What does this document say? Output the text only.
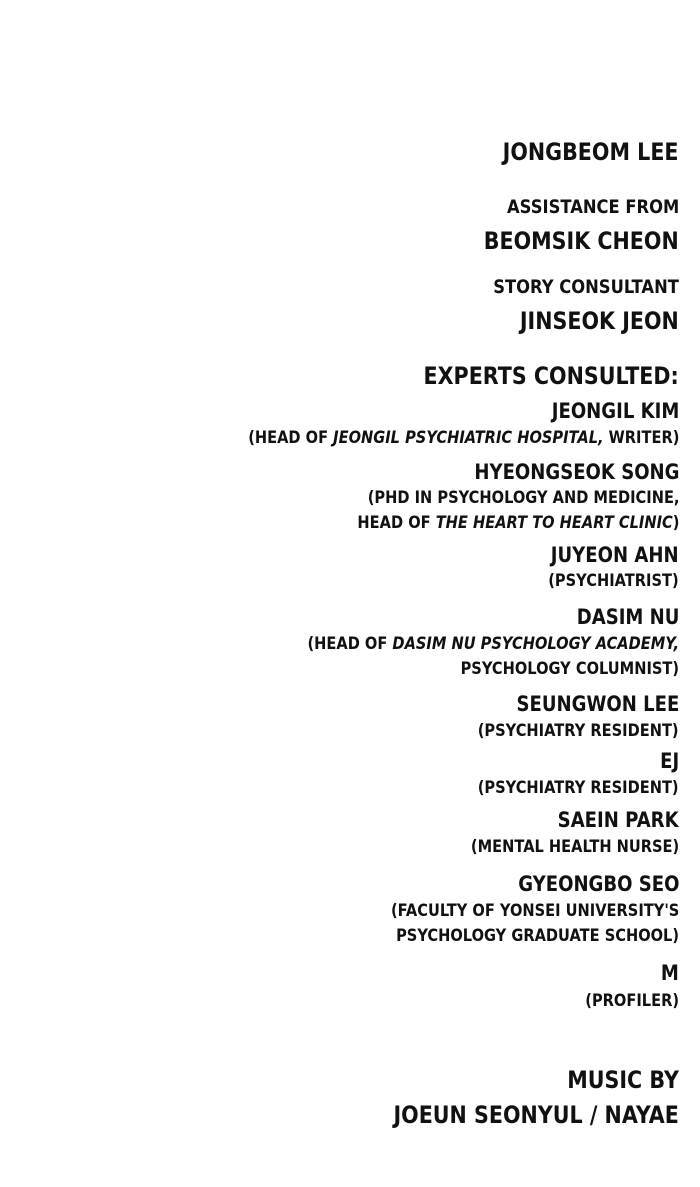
JONGBEOM LEE
ASSISTANCE FROM
BEOMSIK CHEON
STORY CONSULTANT
JINSEOK JEON
EXPERTS CONSULTED:
JEONGIL KIM
(HEAD OF JEONGIL PSYCHIATRIC HOSPITAL, WRITER)
HYEONGSEOK SONG
(PHD IN PSYCHOLOGY AND MEDICINE,
HEAD OF THE HEART TO HEART CLINIC)
JUYEON AHN
(PSYCHIATRIST)
DASIM NU
(HEAD OF DASIM NU PSYCHOLOGY ACADEMY,
PSYCHOLOGY COLUMNIST)
SEUNGWON LEE
(PSYCHIATRY RESIDENT)
EJ
(PSYCHIATRY RESIDENT)
SAEIN PARK
(MENTAL HEALTH NURSE)
GYEONGBO SEO
(FACULTY OF YONSEI UNIVERSITY'S
PSYCHOLOGY GRADUATE SCHOOL)
M
(PROFILER)
MUSIC BY
JOEUN SEONYUL / NAYAE
